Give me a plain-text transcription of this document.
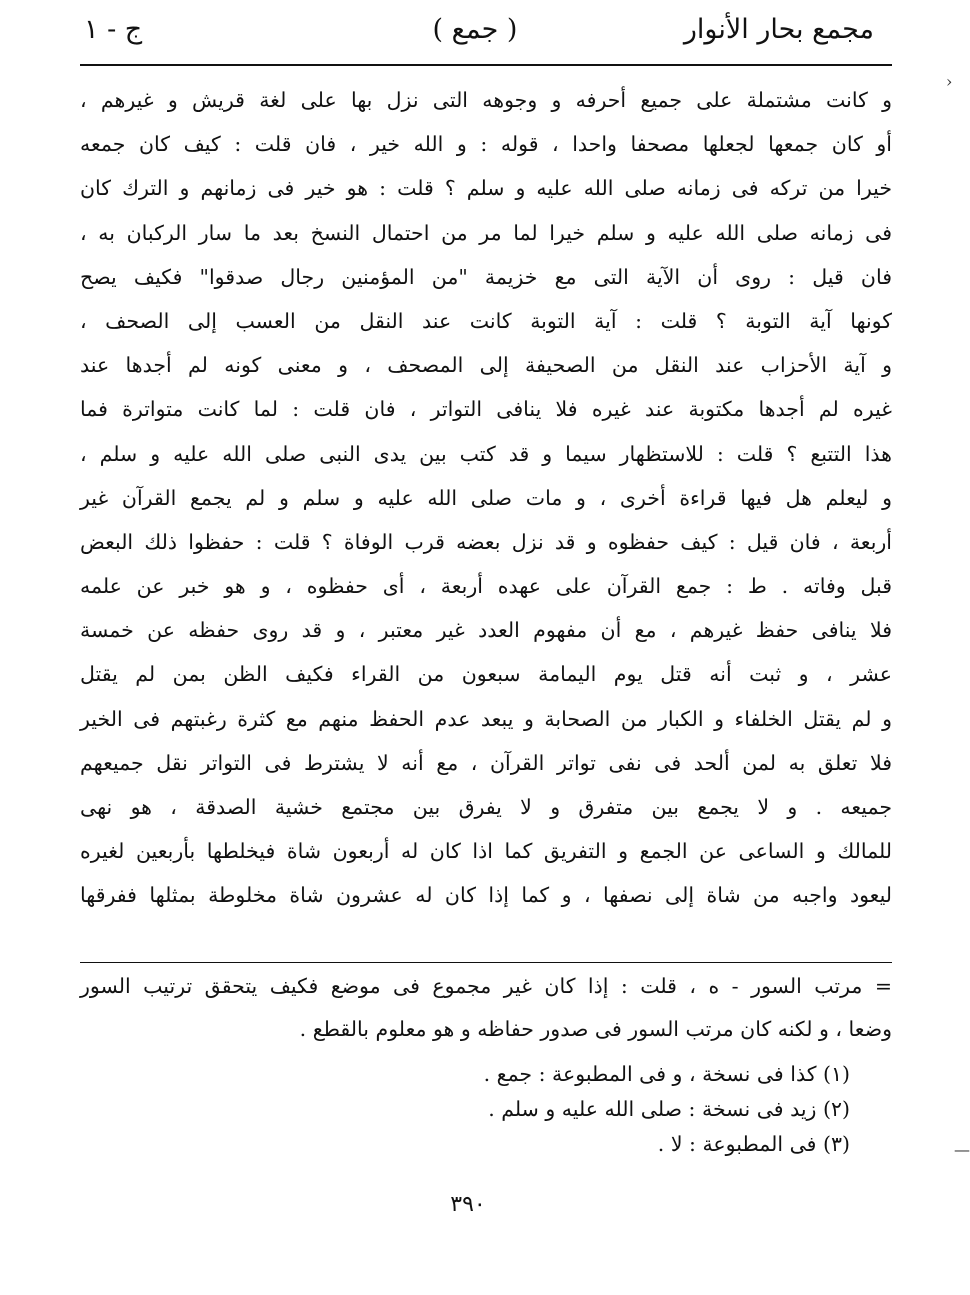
مجمع بحار الأنوار
( جمع )
ج - ١
و كانت مشتملة على جميع أحرفه و وجوهه التى نزل بها على لغة قريش و غيرهم ،
أو كان جمعها لجعلها مصحفا واحدا ، قوله : و الله خير ، فان قلت : كيف كان جمعه
خيرا من تركه فى زمانه صلى الله عليه و سلم ؟ قلت : هو خير فى زمانهم و الترك كان
فى زمانه صلى الله عليه و سلم خيرا لما مر من احتمال النسخ بعد ما سار الركبان به ،
فان قيل : روى أن الآية التى مع خزيمة "من المؤمنين رجال صدقوا" فكيف يصح
كونها آية التوبة ؟ قلت : آية التوبة كانت عند النقل من العسب إلى الصحف ،
و آية الأحزاب عند النقل من الصحيفة إلى المصحف ، و معنى كونه لم أجدها عند
غيره لم أجدها مكتوبة عند غيره فلا ينافى التواتر ، فان قلت : لما كانت متواترة فما
هذا التتبع ؟ قلت : للاستظهار سيما و قد كتب بين يدى النبى صلى الله عليه و سلم ،
و ليعلم هل فيها قراءة أخرى ، و مات صلى الله عليه و سلم و لم يجمع القرآن غير
أربعة ، فان قيل : كيف حفظوه و قد نزل بعضه قرب الوفاة ؟ قلت : حفظوا ذلك البعض
قبل وفاته . ط : جمع القرآن على عهده أربعة ، أى حفظوه ، و هو خبر عن علمه
فلا ينافى حفظ غيرهم ، مع أن مفهوم العدد غير معتبر ، و قد روى حفظه عن خمسة
عشر ، و ثبت أنه قتل يوم اليمامة سبعون من القراء فكيف الظن بمن لم يقتل
و لم يقتل الخلفاء و الكبار من الصحابة و يبعد عدم الحفظ منهم مع كثرة رغبتهم فى الخير
فلا تعلق به لمن ألحد فى نفى تواتر القرآن ، مع أنه لا يشترط فى التواتر نقل جميعهم
جميعه . و لا يجمع بين متفرق و لا يفرق بين مجتمع خشية الصدقة ، هو نهى
للمالك و الساعى عن الجمع و التفريق كما اذا كان له أربعون شاة فيخلطها بأربعين لغيره
ليعود واجبه من شاة إلى نصفها ، و كما إذا كان له عشرون شاة مخلوطة بمثلها ففرقها
= مرتب السور - ه ، قلت : إذا كان غير مجموع فى موضع فكيف يتحقق ترتيب السور
وضعا ، و لكنه كان مرتب السور فى صدور حفاظه و هو معلوم بالقطع .
(١) كذا فى نسخة ، و فى المطبوعة : جمع .
(٢) زيد فى نسخة : صلى الله عليه و سلم .
(٣) فى المطبوعة : لا .
٣٩٠
›
—
